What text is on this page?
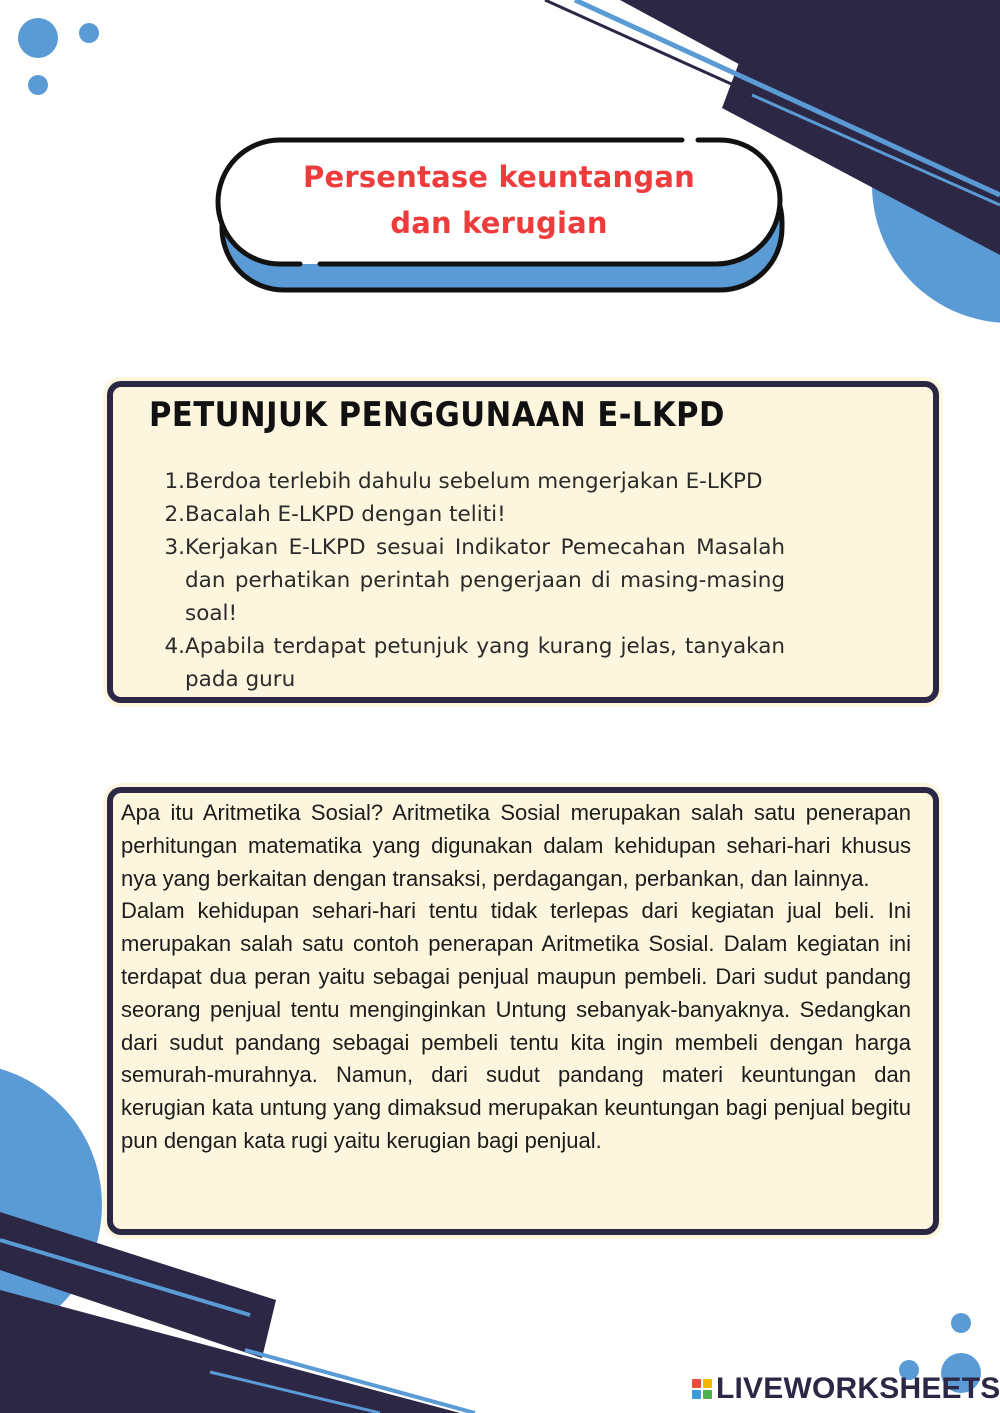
Persentase keuntangan
dan kerugian
PETUNJUK PENGGUNAAN E-LKPD
1. Berdoa terlebih dahulu sebelum mengerjakan E-LKPD
2. Bacalah E-LKPD dengan teliti!
3. Kerjakan E-LKPD sesuai Indikator Pemecahan Masalah dan perhatikan perintah pengerjaan di masing-masing soal!
4. Apabila terdapat petunjuk yang kurang jelas, tanyakan pada guru

Apa itu Aritmetika Sosial? Aritmetika Sosial merupakan salah satu penerapan perhitungan matematika yang digunakan dalam kehidupan sehari-hari khusus nya yang berkaitan dengan transaksi, perdagangan, perbankan, dan lainnya.

Dalam kehidupan sehari-hari tentu tidak terlepas dari kegiatan jual beli. Ini merupakan salah satu contoh penerapan Aritmetika Sosial. Dalam kegiatan ini terdapat dua peran yaitu sebagai penjual maupun pembeli. Dari sudut pandang seorang penjual tentu menginginkan Untung sebanyak-banyaknya. Sedangkan dari sudut pandang sebagai pembeli tentu kita ingin membeli dengan harga semurah-murahnya. Namun, dari sudut pandang materi keuntungan dan kerugian kata untung yang dimaksud merupakan keuntungan bagi penjual begitu pun dengan kata rugi yaitu kerugian bagi penjual.

LIVEWORKSHEETS
